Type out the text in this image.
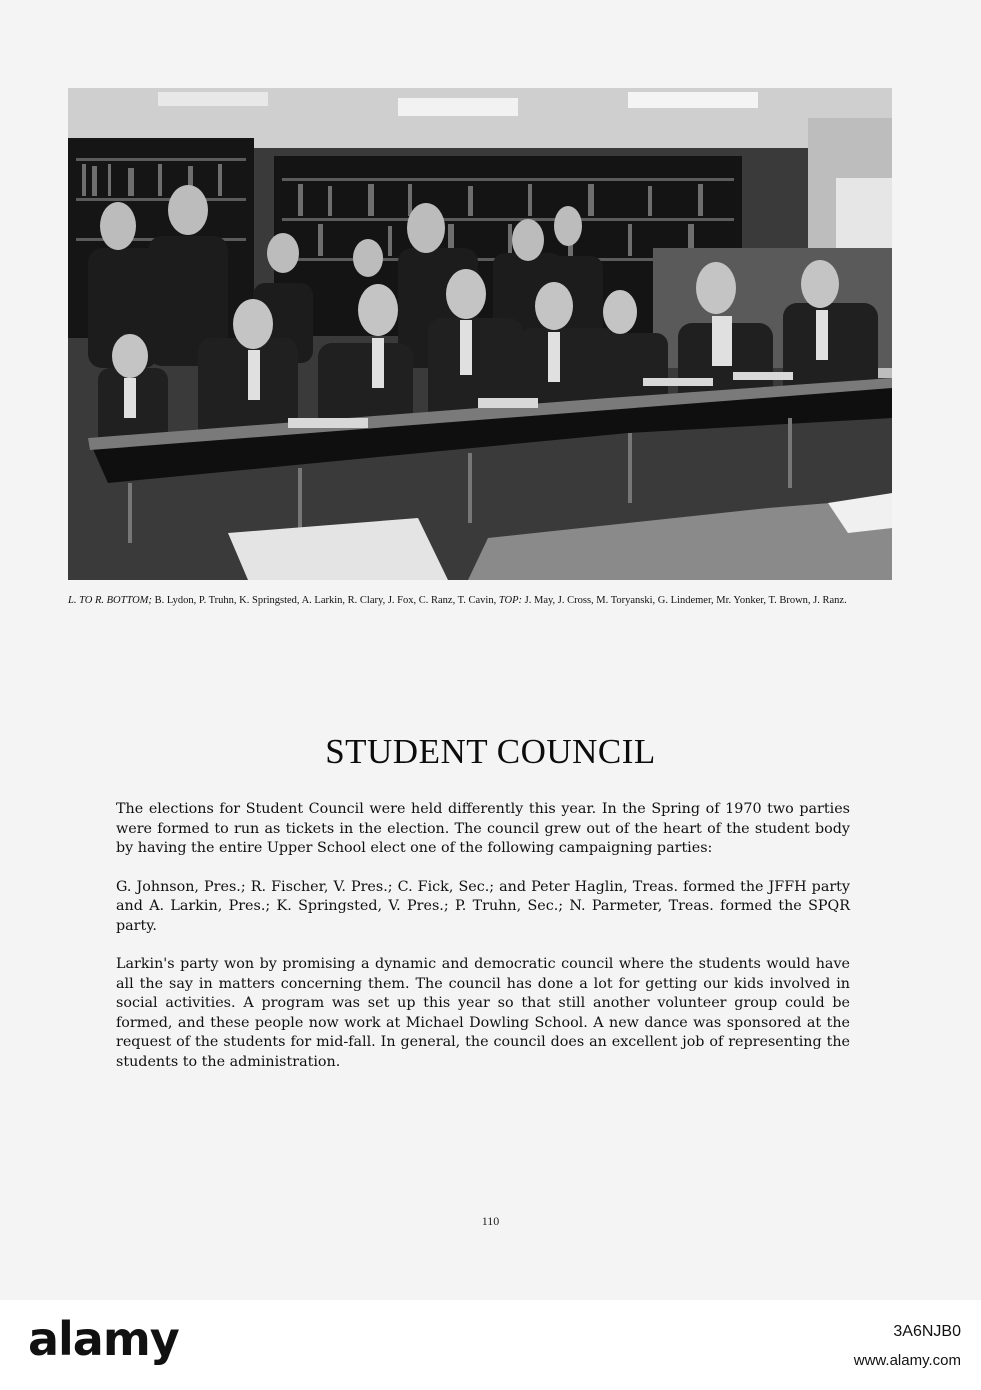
L. TO R. BOTTOM; B. Lydon, P. Truhn, K. Springsted, A. Larkin, R. Clary, J. Fox, C. Ranz, T. Cavin, TOP: J. May, J. Cross, M. Toryanski, G. Lindemer, Mr. Yonker, T. Brown, J. Ranz.
STUDENT COUNCIL

The elections for Student Council were held differently this year. In the Spring of 1970 two parties were formed to run as tickets in the election. The council grew out of the heart of the student body by having the entire Upper School elect one of the following campaigning parties:

G. Johnson, Pres.; R. Fischer, V. Pres.; C. Fick, Sec.; and Peter Haglin, Treas. formed the JFFH party and A. Larkin, Pres.; K. Springsted, V. Pres.; P. Truhn, Sec.; N. Parmeter, Treas. formed the SPQR party.

Larkin's party won by promising a dynamic and democratic council where the students would have all the say in matters concerning them. The council has done a lot for getting our kids involved in social activities. A program was set up this year so that still another volunteer group could be formed, and these people now work at Michael Dowling School. A new dance was sponsored at the request of the students for mid-fall. In general, the council does an excellent job of representing the students to the administration.

110
alamy	3A6NJB0
www.alamy.com
